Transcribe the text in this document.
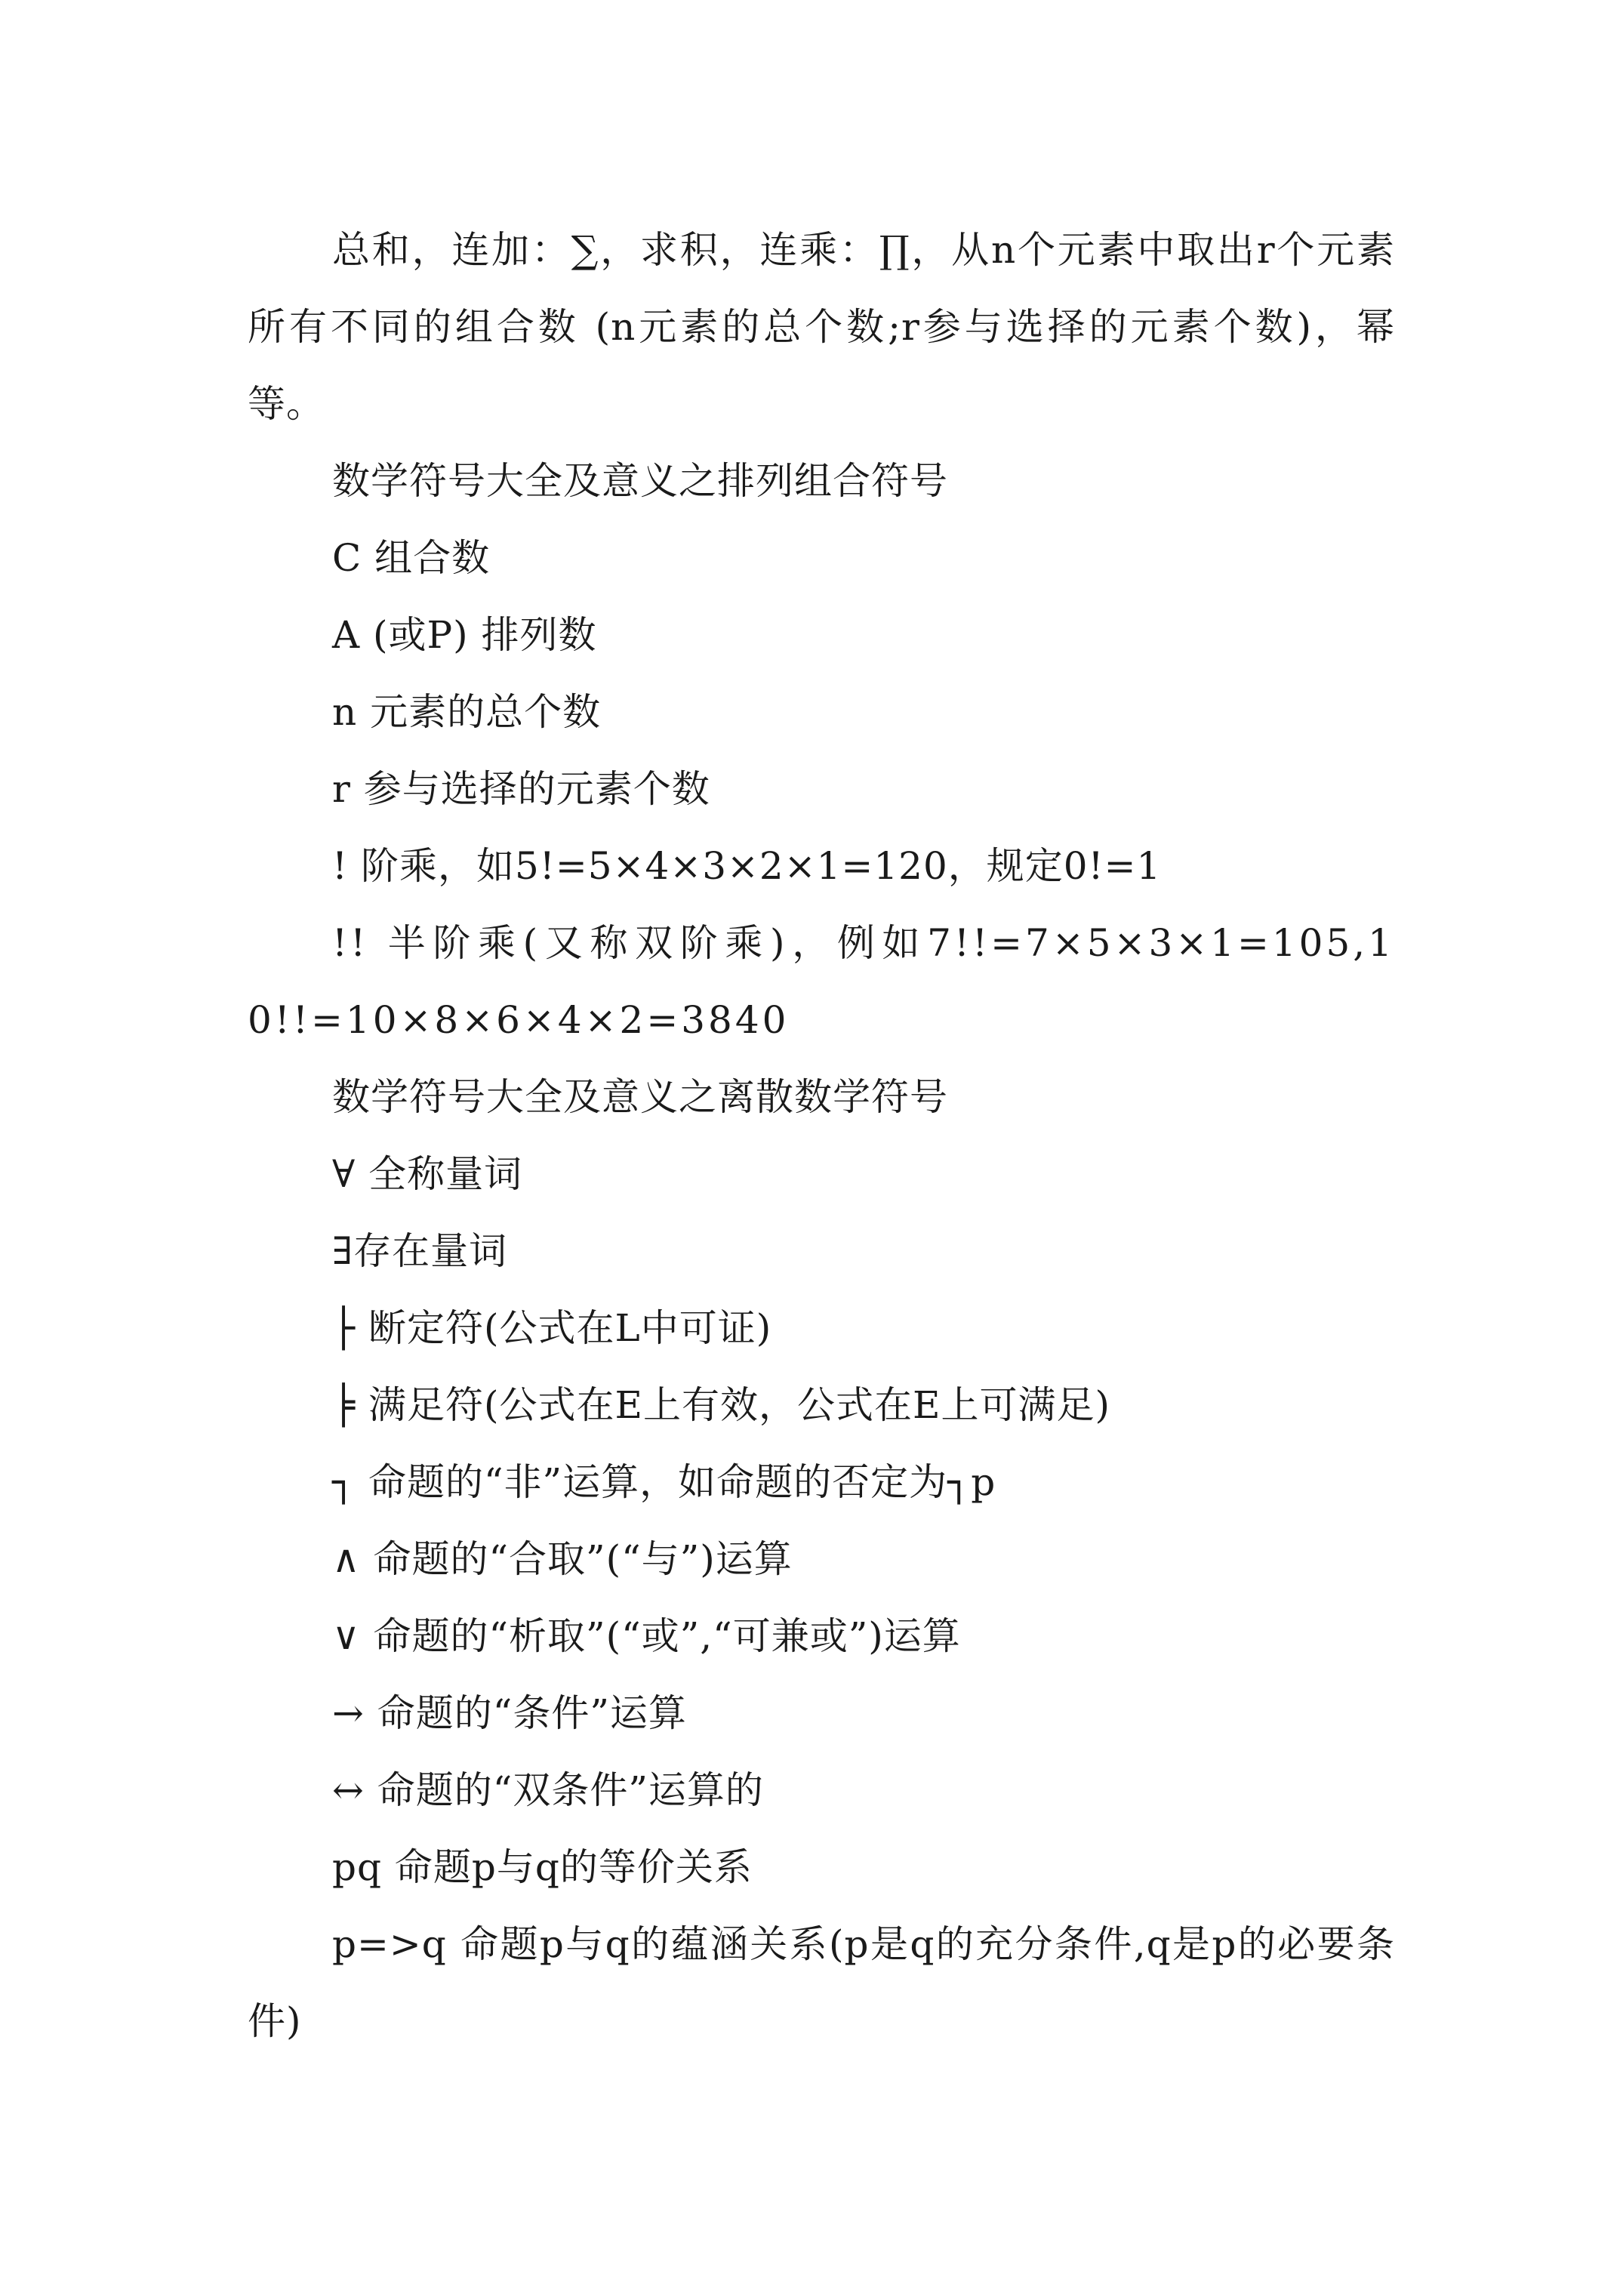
总和，连加：∑，求积，连乘：∏，从n个元素中取出r个元素所有不同的组合数 (n元素的总个数;r参与选择的元素个数)，幂 等。

数学符号大全及意义之排列组合符号

C 组合数

A (或P) 排列数

n 元素的总个数

r 参与选择的元素个数

! 阶乘，如5!=5×4×3×2×1=120，规定0!=1

!! 半阶乘(又称双阶乘)，例如7!!=7×5×3×1=105,10!!=10×8×6×4×2=3840

数学符号大全及意义之离散数学符号

∀ 全称量词

∃存在量词

├ 断定符(公式在L中可证)

╞ 满足符(公式在E上有效，公式在E上可满足)

┐ 命题的“非”运算，如命题的否定为┐p

∧ 命题的“合取”(“与”)运算

∨ 命题的“析取”(“或”,“可兼或”)运算

→ 命题的“条件”运算

↔ 命题的“双条件”运算的

pq 命题p与q的等价关系

p=>q 命题p与q的蕴涵关系(p是q的充分条件,q是p的必要条件)
